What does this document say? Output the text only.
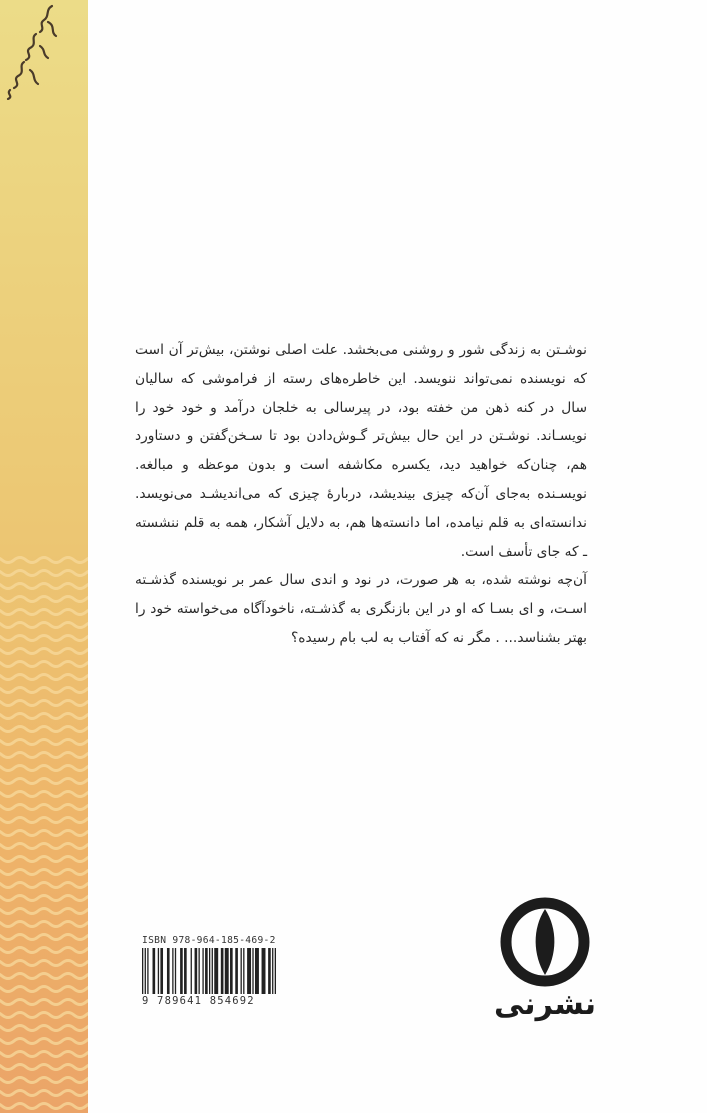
نوشـتن به زندگی شور و روشنی می‌بخشد. علت اصلی نوشتن، بیش‌تر آن است که نویسنده نمی‌تواند ننویسد. این خاطره‌های رسته از فراموشی که سالیان سال در کنه ذهن من خفته بود، در پیرسالی به خلجان درآمد و خود خود را نویسـاند. نوشـتن در این حال بیش‌تر گـوش‌دادن بود تا سـخن‌گفتن و دستاورد هم، چنان‌که خواهید دید، یکسره مکاشفه است و بدون موعظه و مبالغه. نویسـنده به‌جای آن‌که چیزی بیندیشد، دربارهٔ چیزی که می‌اندیشـد می‌نویسد. ندانسته‌ای به قلم نیامده، اما دانسته‌ها هم، به دلایل آشکار، همه به قلم ننشسته ـ که جای تأسف است.

آن‌چه نوشته شده، به هر صورت، در نود و اندی سال عمر بر نویسنده گذشـته اسـت، و ای بسـا که او در این بازنگری به گذشـته، ناخودآگاه می‌خواسته خود را بهتر بشناسد... . مگر نه که آفتاب به لب بام رسیده؟

ISBN 978-964-185-469-2
9 789641 854692	نشرنی
